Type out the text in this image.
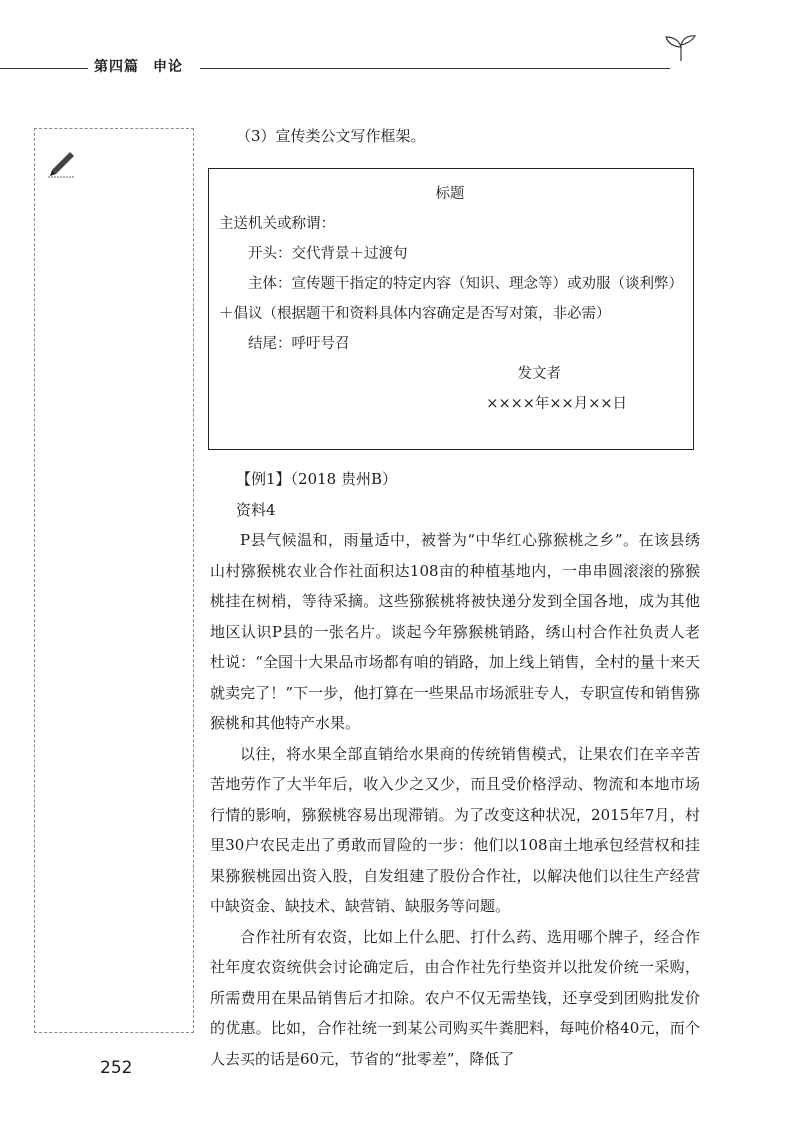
第四篇 申论

（3）宣传类公文写作框架。

标题
主送机关或称谓：
开头：交代背景＋过渡句
主体：宣传题干指定的特定内容（知识、理念等）或劝服（谈利弊）＋倡议（根据题干和资料具体内容确定是否写对策，非必需）
结尾：呼吁号召
发文者
××××年××月××日

【例1】（2018 贵州B）

资料4

P县气候温和，雨量适中，被誉为“中华红心猕猴桃之乡”。在该县绣山村猕猴桃农业合作社面积达108亩的种植基地内，一串串圆滚滚的猕猴桃挂在树梢，等待采摘。这些猕猴桃将被快递分发到全国各地，成为其他地区认识P县的一张名片。谈起今年猕猴桃销路，绣山村合作社负责人老杜说：“全国十大果品市场都有咱的销路，加上线上销售，全村的量十来天就卖完了！”下一步，他打算在一些果品市场派驻专人，专职宣传和销售猕猴桃和其他特产水果。

以往，将水果全部直销给水果商的传统销售模式，让果农们在辛辛苦苦地劳作了大半年后，收入少之又少，而且受价格浮动、物流和本地市场行情的影响，猕猴桃容易出现滞销。为了改变这种状况，2015年7月，村里30户农民走出了勇敢而冒险的一步：他们以108亩土地承包经营权和挂果猕猴桃园出资入股，自发组建了股份合作社，以解决他们以往生产经营中缺资金、缺技术、缺营销、缺服务等问题。

合作社所有农资，比如上什么肥、打什么药、选用哪个牌子，经合作社年度农资统供会讨论确定后，由合作社先行垫资并以批发价统一采购，所需费用在果品销售后才扣除。农户不仅无需垫钱，还享受到团购批发价的优惠。比如，合作社统一到某公司购买牛粪肥料，每吨价格40元，而个人去买的话是60元，节省的“批零差”，降低了

252
